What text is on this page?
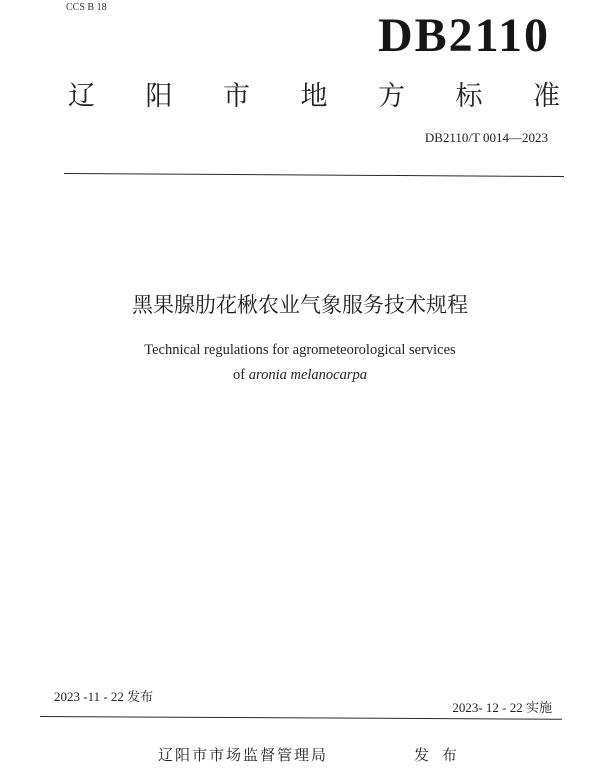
CCS B 18
DB2110
辽 阳 市 地 方 标 准
DB2110/T 0014—2023
黑果腺肋花楸农业气象服务技术规程
Technical regulations for agrometeorological services
of aronia melanocarpa
2023 -11 - 22 发布
2023- 12 - 22 实施
辽阳市市场监督管理局	发 布
